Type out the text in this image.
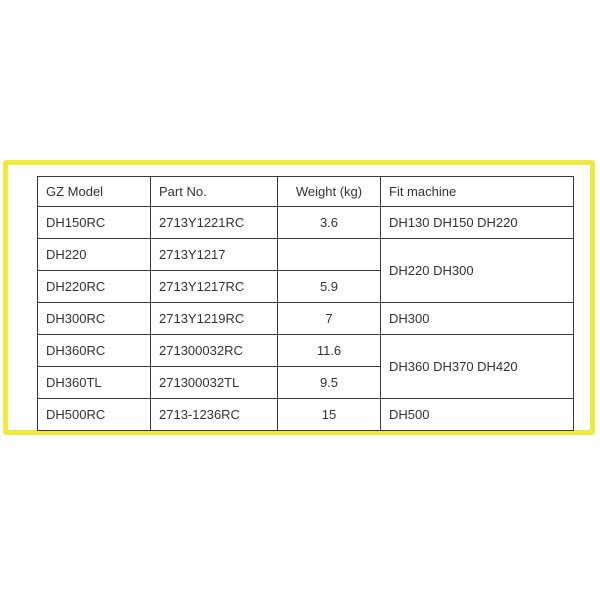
GZ Model	Part No.	Weight (kg)	Fit machine
DH150RC	2713Y1221RC	3.6	DH130 DH150 DH220
DH220	2713Y1217		DH220 DH300
DH220RC	2713Y1217RC	5.9	
DH300RC	2713Y1219RC	7	DH300
DH360RC	271300032RC	11.6	DH360 DH370 DH420
DH360TL	271300032TL	9.5	
DH500RC	2713-1236RC	15	DH500
